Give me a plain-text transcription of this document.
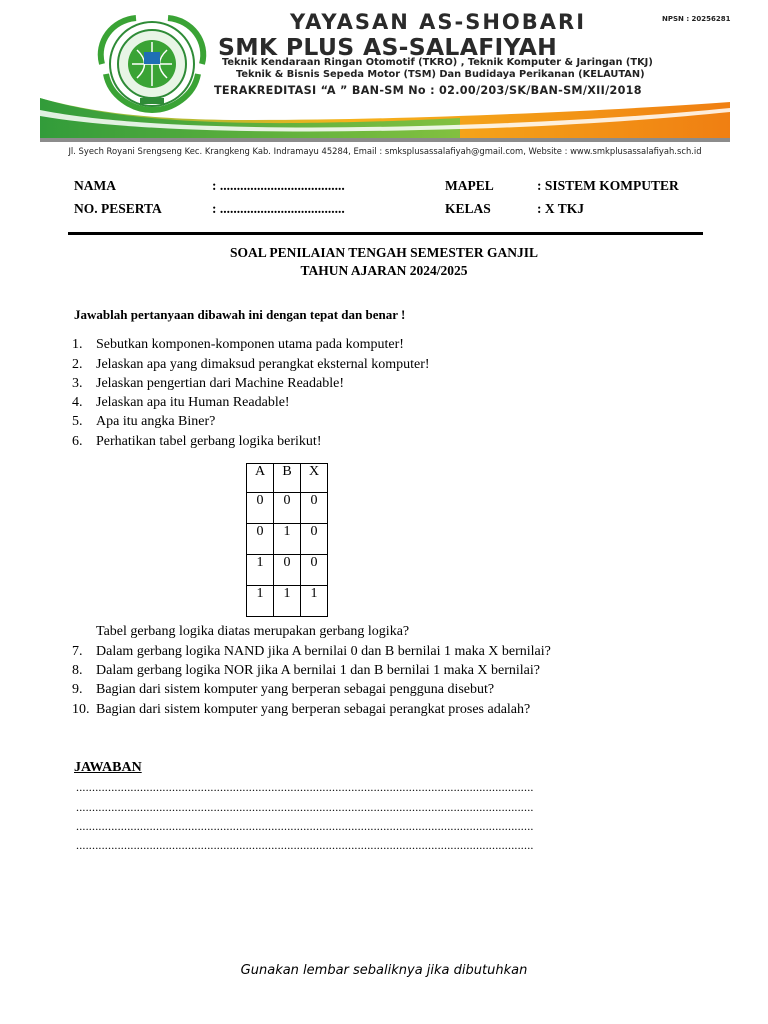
NPSN : 20256281
YAYASAN AS-SHOBARI
SMK PLUS AS-SALAFIYAH
Teknik Kendaraan Ringan Otomotif (TKRO) , Teknik Komputer & Jaringan (TKJ)
Teknik & Bisnis Sepeda Motor (TSM) Dan Budidaya Perikanan (KELAUTAN)
TERAKREDITASI “A ” BAN-SM No : 02.00/203/SK/BAN-SM/XII/2018
Jl. Syech Royani Srengseng Kec. Krangkeng Kab. Indramayu 45284, Email : smksplusassalafiyah@gmail.com, Website : www.smkplusassalafiyah.sch.id
NAMA	: .....................................
NO. PESERTA	: .....................................
MAPEL	: SISTEM KOMPUTER
KELAS	: X TKJ
SOAL PENILAIAN TENGAH SEMESTER GANJIL
TAHUN AJARAN 2024/2025
Jawablah pertanyaan dibawah ini dengan tepat dan benar !
1. Sebutkan komponen-komponen utama pada komputer!
2. Jelaskan apa yang dimaksud perangkat eksternal komputer!
3. Jelaskan pengertian dari Machine Readable!
4. Jelaskan apa itu Human Readable!
5. Apa itu angka Biner?
6. Perhatikan tabel gerbang logika berikut!
A	B	X
0	0	0
0	1	0
1	0	0
1	1	1
Tabel gerbang logika diatas merupakan gerbang logika?
7. Dalam gerbang logika NAND jika A bernilai 0 dan B bernilai 1 maka X bernilai?
8. Dalam gerbang logika NOR jika A bernilai 1 dan B bernilai 1 maka X bernilai?
9. Bagian dari sistem komputer yang berperan sebagai pengguna disebut?
10. Bagian dari sistem komputer yang berperan sebagai perangkat proses adalah?
JAWABAN
...............................................................................................................................................
...............................................................................................................................................
...............................................................................................................................................
...............................................................................................................................................
Gunakan lembar sebaliknya jika dibutuhkan
